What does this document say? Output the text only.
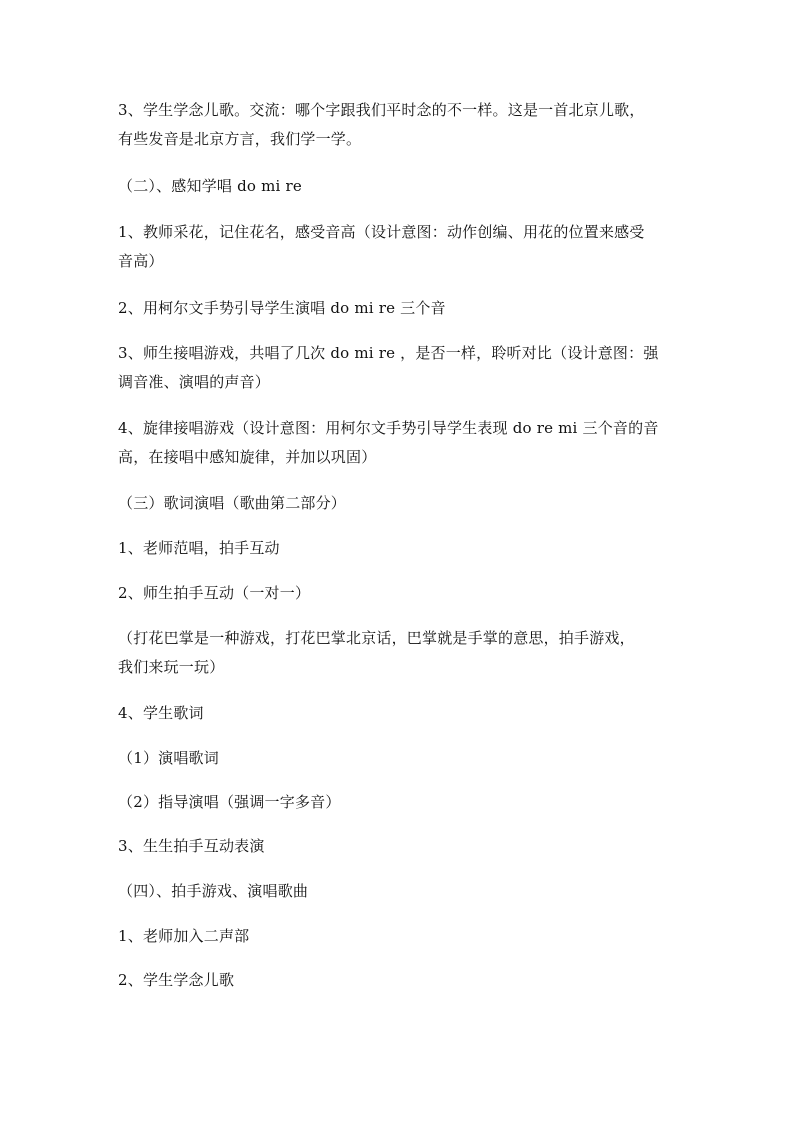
3、学生学念儿歌。交流：哪个字跟我们平时念的不一样。这是一首北京儿歌，
有些发音是北京方言，我们学一学。
（二）、感知学唱 do mi re
1、教师采花，记住花名，感受音高（设计意图：动作创编、用花的位置来感受
音高）
2、用柯尔文手势引导学生演唱 do mi re 三个音
3、师生接唱游戏，共唱了几次 do mi re ，是否一样，聆听对比（设计意图：强
调音准、演唱的声音）
4、旋律接唱游戏（设计意图：用柯尔文手势引导学生表现 do re mi 三个音的音
高，在接唱中感知旋律，并加以巩固）
（三）歌词演唱（歌曲第二部分）
1、老师范唱，拍手互动
2、师生拍手互动（一对一）
（打花巴掌是一种游戏，打花巴掌北京话，巴掌就是手掌的意思，拍手游戏，
我们来玩一玩）
4、学生歌词
（1）演唱歌词
（2）指导演唱（强调一字多音）
3、生生拍手互动表演
（四）、拍手游戏、演唱歌曲
1、老师加入二声部
2、学生学念儿歌
